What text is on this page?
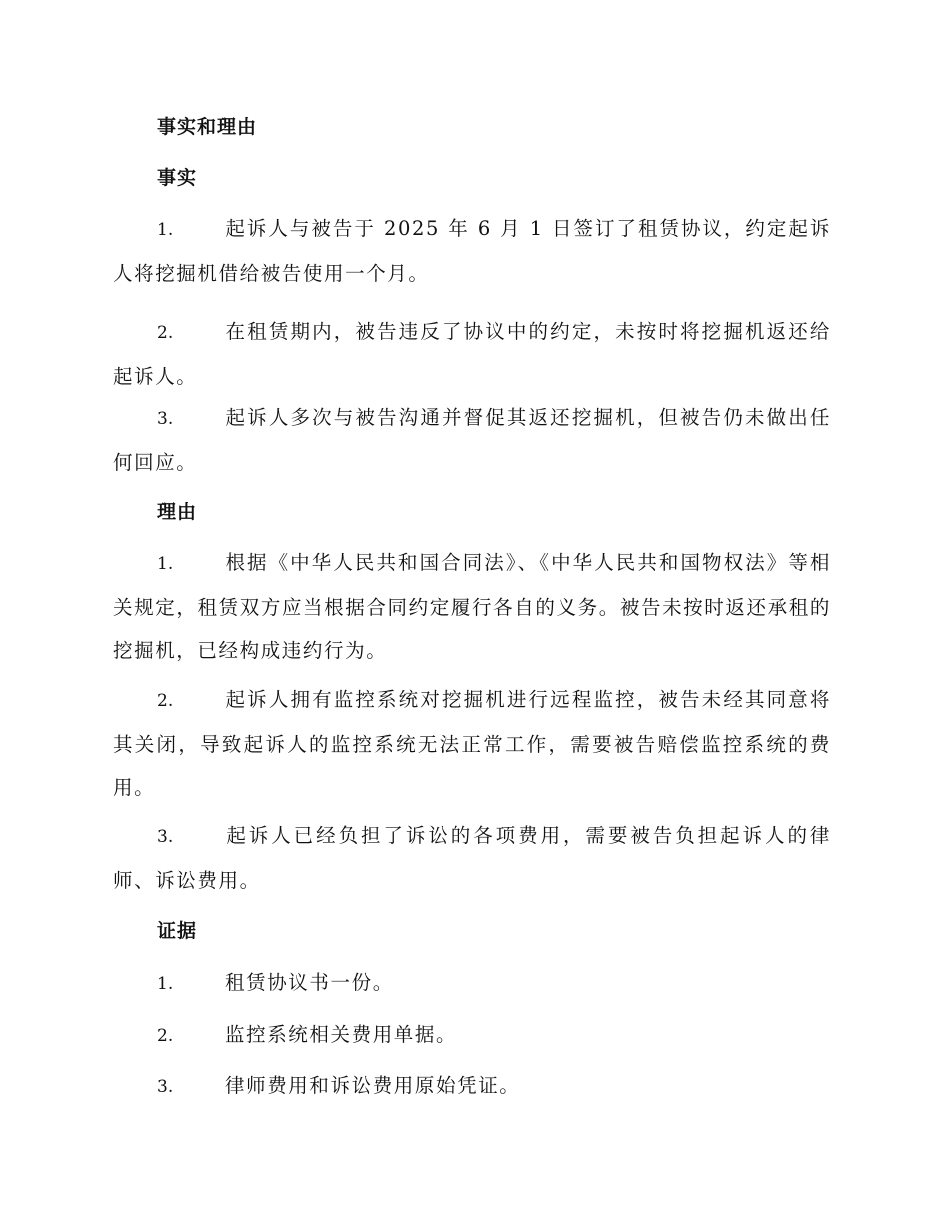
事实和理由
事实
1.	起诉人与被告于 2025 年 6 月 1 日签订了租赁协议，约定起诉人将挖掘机借给被告使用一个月。
2.	在租赁期内，被告违反了协议中的约定，未按时将挖掘机返还给起诉人。
3.	起诉人多次与被告沟通并督促其返还挖掘机，但被告仍未做出任何回应。
理由
1.	根据《中华人民共和国合同法》、《中华人民共和国物权法》等相关规定，租赁双方应当根据合同约定履行各自的义务。被告未按时返还承租的挖掘机，已经构成违约行为。
2.	起诉人拥有监控系统对挖掘机进行远程监控，被告未经其同意将其关闭，导致起诉人的监控系统无法正常工作，需要被告赔偿监控系统的费用。
3.	起诉人已经负担了诉讼的各项费用，需要被告负担起诉人的律师、诉讼费用。
证据
1.	租赁协议书一份。
2.	监控系统相关费用单据。
3.	律师费用和诉讼费用原始凭证。
